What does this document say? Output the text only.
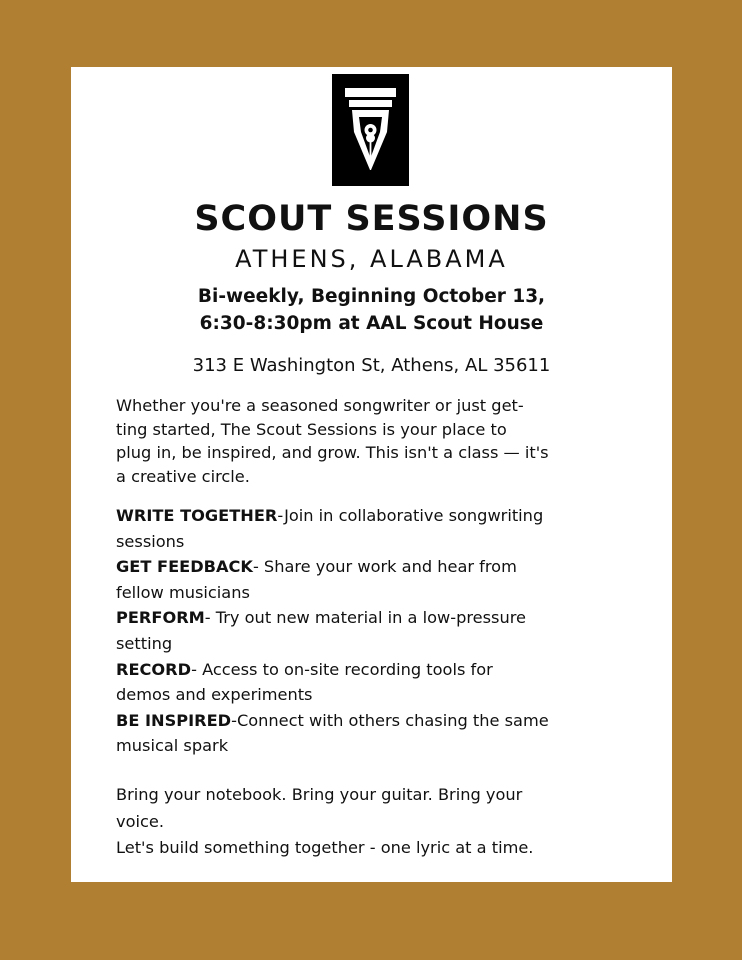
SCOUT SESSIONS
ATHENS, ALABAMA
Bi-weekly, Beginning October 13,
6:30-8:30pm at AAL Scout House
313 E Washington St, Athens, AL 35611
Whether you're a seasoned songwriter or just get-
ting started, The Scout Sessions is your place to
plug in, be inspired, and grow. This isn't a class — it's
a creative circle.
WRITE TOGETHER-Join in collaborative songwriting
sessions
GET FEEDBACK- Share your work and hear from
fellow musicians
PERFORM- Try out new material in a low-pressure
setting
RECORD- Access to on-site recording tools for
demos and experiments
BE INSPIRED-Connect with others chasing the same
musical spark
Bring your notebook. Bring your guitar. Bring your
voice.
Let's build something together - one lyric at a time.
